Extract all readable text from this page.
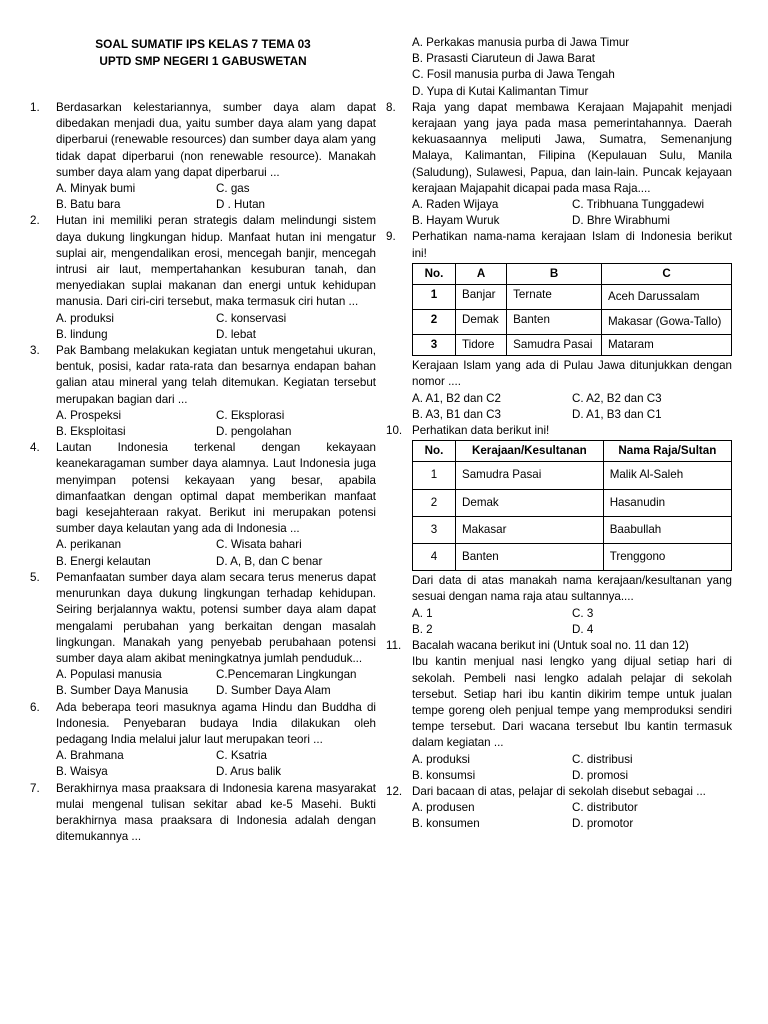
SOAL SUMATIF IPS KELAS 7 TEMA 03
UPTD SMP NEGERI 1 GABUSWETAN
1. Berdasarkan kelestariannya, sumber daya alam dapat dibedakan menjadi dua, yaitu sumber daya alam yang dapat diperbarui (renewable resources) dan sumber daya alam yang tidak dapat diperbarui (non renewable resource). Manakah sumber daya alam yang dapat diperbarui ...
A. Minyak bumi	C. gas
B. Batu bara	D . Hutan
2. Hutan ini memiliki peran strategis dalam melindungi sistem daya dukung lingkungan hidup. Manfaat hutan ini mengatur suplai air, mengendalikan erosi, mencegah banjir, mencegah intrusi air laut, mempertahankan kesuburan tanah, dan menyediakan suplai makanan dan energi untuk kehidupan manusia. Dari ciri-ciri tersebut, maka termasuk ciri hutan ...
A. produksi	C. konservasi
B. lindung	D. lebat
3. Pak Bambang melakukan kegiatan untuk mengetahui ukuran, bentuk, posisi, kadar rata-rata dan besarnya endapan bahan galian atau mineral yang telah ditemukan. Kegiatan tersebut merupakan bagian dari ...
A. Prospeksi	C. Eksplorasi
B. Eksploitasi	D. pengolahan
4. Lautan Indonesia terkenal dengan kekayaan keanekaragaman sumber daya alamnya. Laut Indonesia juga menyimpan potensi kekayaan yang besar, apabila dimanfaatkan dengan optimal dapat memberikan manfaat bagi kesejahteraan rakyat. Berikut ini merupakan potensi sumber daya kelautan yang ada di Indonesia ...
A. perikanan	C. Wisata bahari
B. Energi kelautan	D. A, B, dan C benar
5. Pemanfaatan sumber daya alam secara terus menerus dapat menurunkan daya dukung lingkungan terhadap kehidupan. Seiring berjalannya waktu, potensi sumber daya alam dapat mengalami perubahan yang berkaitan dengan masalah lingkungan. Manakah yang penyebab perubahaan potensi sumber daya alam akibat meningkatnya jumlah penduduk...
A. Populasi manusia	C.Pencemaran Lingkungan
B. Sumber Daya Manusia	D. Sumber Daya Alam
6. Ada beberapa teori masuknya agama Hindu dan Buddha di Indonesia. Penyebaran budaya India dilakukan oleh pedagang India melalui jalur laut merupakan teori ...
A. Brahmana	C. Ksatria
B. Waisya	D. Arus balik
7. Berakhirnya masa praaksara di Indonesia karena masyarakat mulai mengenal tulisan sekitar abad ke-5 Masehi. Bukti berakhirnya masa praaksara di Indonesia adalah dengan ditemukannya ...
A. Perkakas manusia purba di Jawa Timur
B. Prasasti Ciaruteun di Jawa Barat
C. Fosil manusia purba di Jawa Tengah
D. Yupa di Kutai Kalimantan Timur
8. Raja yang dapat membawa Kerajaan Majapahit menjadi kerajaan yang jaya pada masa pemerintahannya. Daerah kekuasaannya meliputi Jawa, Sumatra, Semenanjung Malaya, Kalimantan, Filipina (Kepulauan Sulu, Manila (Saludung), Sulawesi, Papua, dan lain-lain. Puncak kejayaan kerajaan Majapahit dicapai pada masa Raja....
A. Raden Wijaya	C. Tribhuana Tunggadewi
B. Hayam Wuruk	D. Bhre Wirabhumi
9. Perhatikan nama-nama kerajaan Islam di Indonesia berikut ini!
No.	A	B	C
1	Banjar	Ternate	Aceh Darussalam
2	Demak	Banten	Makasar (Gowa-Tallo)
3	Tidore	Samudra Pasai	Mataram
Kerajaan Islam yang ada di Pulau Jawa ditunjukkan dengan nomor ....
A. A1, B2 dan C2	C. A2, B2 dan C3
B. A3, B1 dan C3	D. A1, B3 dan C1
10. Perhatikan data berikut ini!
No.	Kerajaan/Kesultanan	Nama Raja/Sultan
1	Samudra Pasai	Malik Al-Saleh
2	Demak	Hasanudin
3	Makasar	Baabullah
4	Banten	Trenggono
Dari data di atas manakah nama kerajaan/kesultanan yang sesuai dengan nama raja atau sultannya....
A. 1	C. 3
B. 2	D. 4
11. Bacalah wacana berikut ini (Untuk soal no. 11 dan 12)
Ibu kantin menjual nasi lengko yang dijual setiap hari di sekolah. Pembeli nasi lengko adalah pelajar di sekolah tersebut. Setiap hari ibu kantin dikirim tempe untuk jualan tempe goreng oleh penjual tempe yang memproduksi sendiri tempe tersebut. Dari wacana tersebut Ibu kantin termasuk dalam kegiatan ...
A. produksi	C. distribusi
B. konsumsi	D. promosi
12. Dari bacaan di atas, pelajar di sekolah disebut sebagai ...
A. produsen	C. distributor
B. konsumen	D. promotor
